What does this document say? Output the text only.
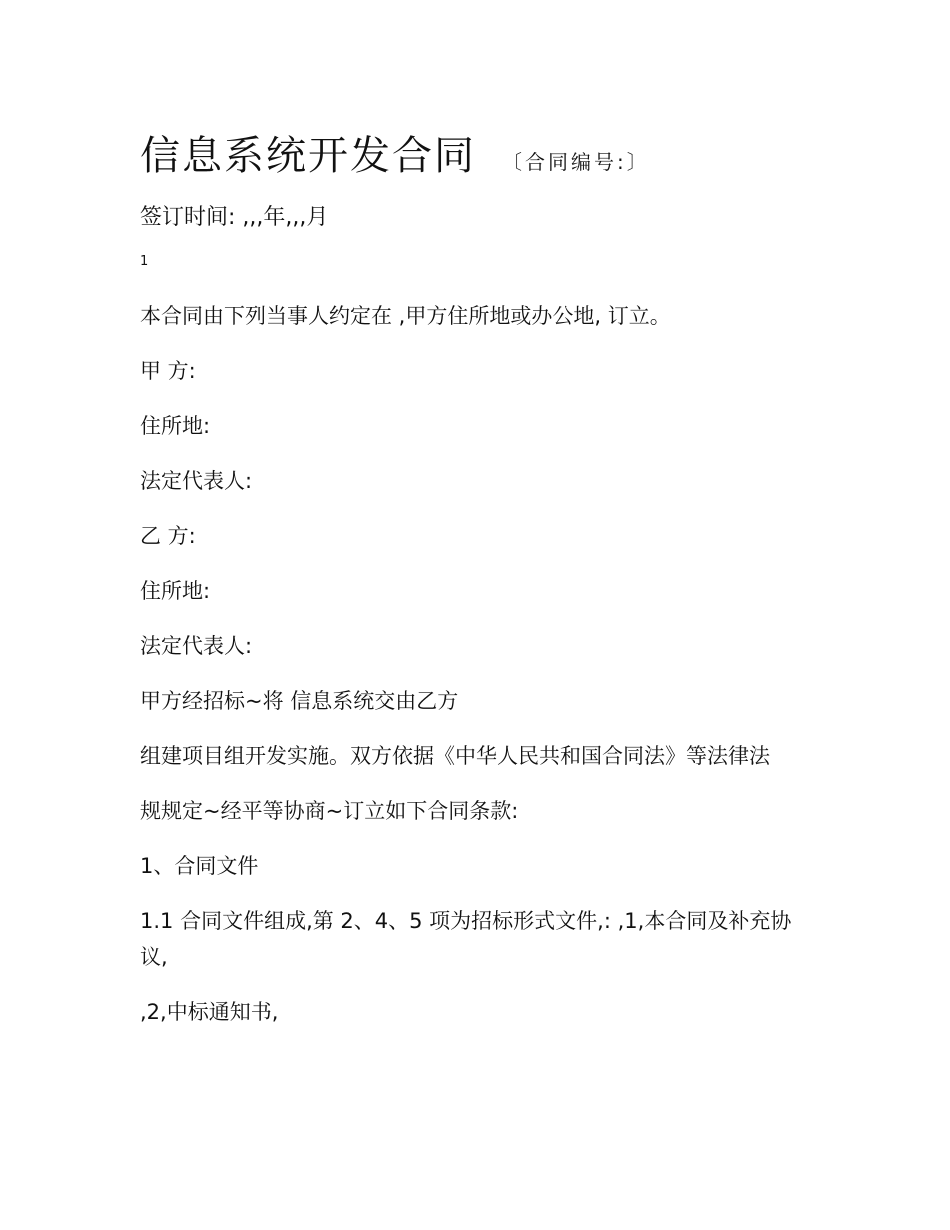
信息系统开发合同 〔合同编号:〕

签订时间: ,,,年,,,月

1

本合同由下列当事人约定在 ,甲方住所地或办公地, 订立。

甲 方:

住所地:

法定代表人:

乙 方:

住所地:

法定代表人:

甲方经招标~将 信息系统交由乙方

组建项目组开发实施。双方依据《中华人民共和国合同法》等法律法

规规定~经平等协商~订立如下合同条款:

1、合同文件

1.1 合同文件组成,第 2、4、5 项为招标形式文件,: ,1,本合同及补充协议,

,2,中标通知书,
